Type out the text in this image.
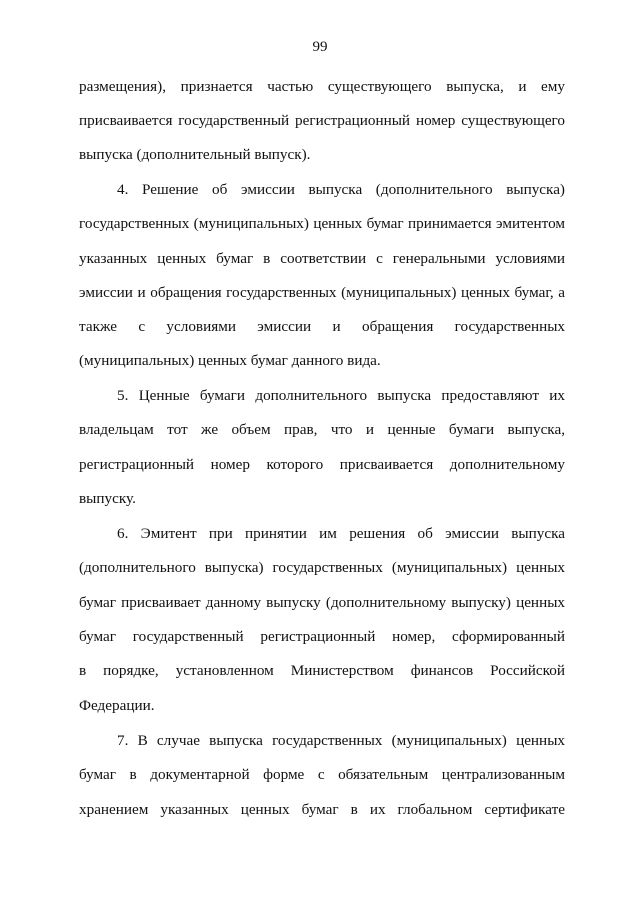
99
размещения), признается частью существующего выпуска, и ему
присваивается государственный регистрационный номер существующего
выпуска (дополнительный выпуск).
4. Решение об эмиссии выпуска (дополнительного выпуска)
государственных (муниципальных) ценных бумаг принимается эмитентом
указанных ценных бумаг в соответствии с генеральными условиями
эмиссии и обращения государственных (муниципальных) ценных бумаг, а
также с условиями эмиссии и обращения государственных
(муниципальных) ценных бумаг данного вида.
5. Ценные бумаги дополнительного выпуска предоставляют их
владельцам тот же объем прав, что и ценные бумаги выпуска,
регистрационный номер которого присваивается дополнительному
выпуску.
6. Эмитент при принятии им решения об эмиссии выпуска
(дополнительного выпуска) государственных (муниципальных) ценных
бумаг присваивает данному выпуску (дополнительному выпуску) ценных
бумаг государственный регистрационный номер, сформированный
в порядке, установленном Министерством финансов Российской
Федерации.
7. В случае выпуска государственных (муниципальных) ценных
бумаг в документарной форме с обязательным централизованным
хранением указанных ценных бумаг в их глобальном сертификате
